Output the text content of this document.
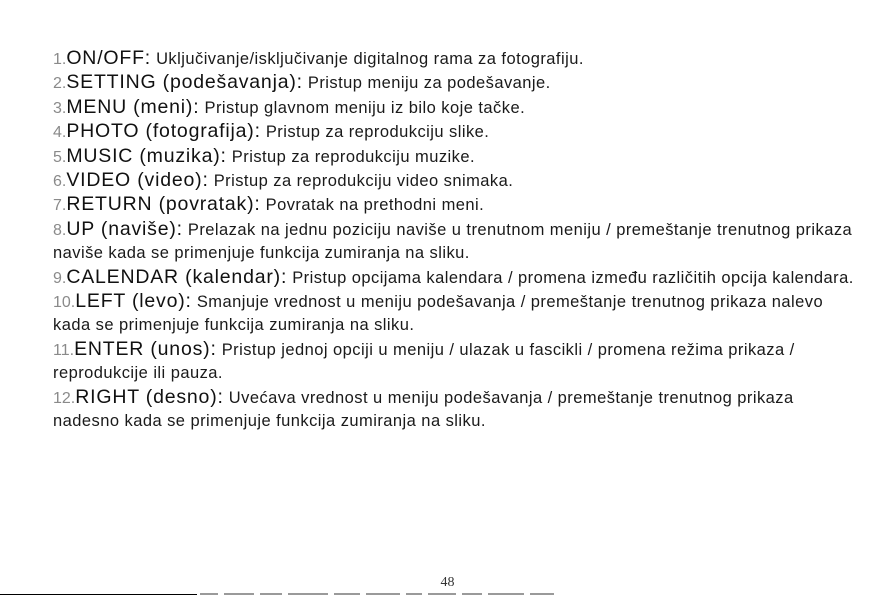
1.ON/OFF: Uključivanje/isključivanje digitalnog rama za fotografiju.

2.SETTING (podešavanja): Pristup meniju za podešavanje.

3.MENU (meni): Pristup glavnom meniju iz bilo koje tačke.

4.PHOTO (fotografija): Pristup za reprodukciju slike.

5.MUSIC (muzika): Pristup za reprodukciju muzike.

6.VIDEO (video): Pristup za reprodukciju video snimaka.

7.RETURN (povratak): Povratak na prethodni meni.

8.UP (naviše): Prelazak na jednu poziciju naviše u trenutnom meniju / premeštanje trenutnog prikaza naviše kada se primenjuje funkcija zumiranja na sliku.

9.CALENDAR (kalendar): Pristup opcijama kalendara / promena između različitih opcija kalendara.

10.LEFT (levo): Smanjuje vrednost u meniju podešavanja / premeštanje trenutnog prikaza nalevo kada se primenjuje funkcija zumiranja na sliku.

11.ENTER (unos): Pristup jednoj opciji u meniju / ulazak u fascikli / promena režima prikaza / reprodukcije ili pauza.

12.RIGHT (desno): Uvećava vrednost u meniju podešavanja / premeštanje trenutnog prikaza nadesno kada se primenjuje funkcija zumiranja na sliku.

48
